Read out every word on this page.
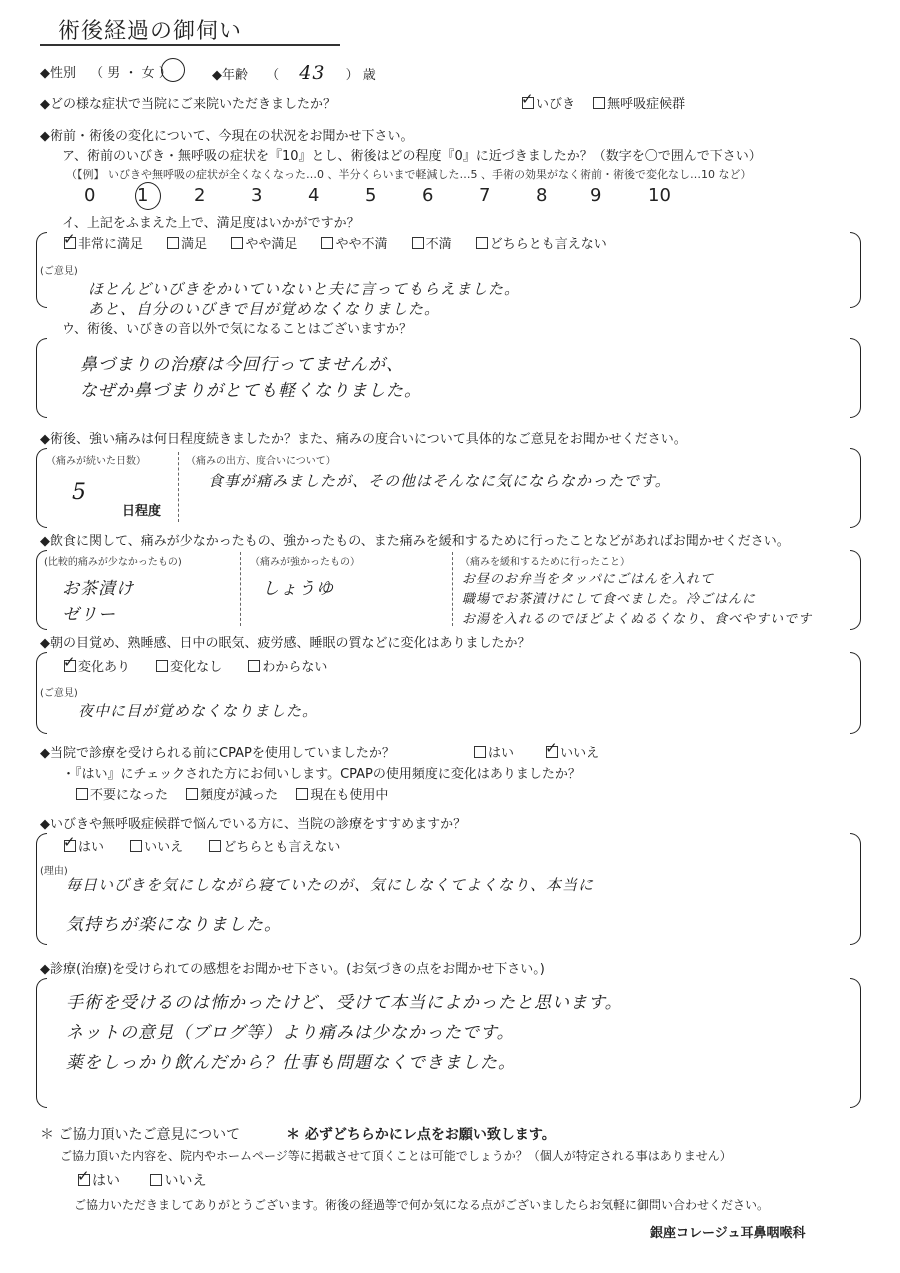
術後経過の御伺い
◆性別 （ 男 ・ 女 ）	◆年齢 （ 43 ） 歳
◆どの様な症状で当院にご来院いただきましたか？ ✓	いびき 無呼吸症候群
◆術前・術後の変化について、今現在の状況をお聞かせ下さい。
ア、術前のいびき・無呼吸の症状を『10』とし、術後はどの程度『0』に近づきましたか？（数字を〇で囲んで下さい）
（【例】 いびきや無呼吸の症状が全くなくなった…0 、半分くらいまで軽減した…5 、手術の効果がなく術前・術後で変化なし…10 など）
0 1	2	3	4	5	6	7	8 9	10
イ、上記をふまえた上で、満足度はいかがですか？
✓非常に満足	満足	やや満足	やや不満	不満	どちらとも言えない
(ご意見)
ほとんどいびきをかいていないと夫に言ってもらえました。
あと、自分のいびきで目が覚めなくなりました。
ウ、術後、いびきの音以外で気になることはございますか？
鼻づまりの治療は今回行ってませんが、
なぜか鼻づまりがとても軽くなりました。
◆術後、強い痛みは何日程度続きましたか？また、痛みの度合いについて具体的なご意見をお聞かせください。
（痛みが続いた日数）
5
日程度
（痛みの出方、度合いについて）
食事が痛みましたが、その他はそんなに気にならなかったです。
◆飲食に関して、痛みが少なかったもの、強かったもの、また痛みを緩和するために行ったことなどがあればお聞かせください。
(比較的痛みが少なかったもの)
お茶漬け
ゼリー
（痛みが強かったもの）
しょうゆ
（痛みを緩和するために行ったこと）
お昼のお弁当をタッパにごはんを入れて
職場でお茶漬けにして食べました。冷ごはんに
お湯を入れるのでほどよくぬるくなり、食べやすいです
◆朝の目覚め、熟睡感、日中の眠気、疲労感、睡眠の質などに変化はありましたか？
✓変化あり	変化なし	わからない
(ご意見)
夜中に目が覚めなくなりました。
◆当院で診療を受けられる前にCPAPを使用していましたか？	はい ✓	いいえ
・『はい』にチェックされた方にお伺いします。CPAPの使用頻度に変化はありましたか？
不要になった 頻度が減った 現在も使用中
◆いびきや無呼吸症候群で悩んでいる方に、当院の診療をすすめますか？
✓はい	いいえ	どちらとも言えない
(理由)
毎日いびきを気にしながら寝ていたのが、気にしなくてよくなり、本当に
気持ちが楽になりました。
◆診療(治療)を受けられての感想をお聞かせ下さい。(お気づきの点をお聞かせ下さい。)
手術を受けるのは怖かったけど、受けて本当によかったと思います。
ネットの意見（ブログ等）より痛みは少なかったです。
薬をしっかり飲んだから？仕事も問題なくできました。
＊ ご協力頂いたご意見について	＊ 必ずどちらかにレ点をお願い致します。
ご協力頂いた内容を、院内やホームページ等に掲載させて頂くことは可能でしょうか？（個人が特定される事はありません）
✓はい	いいえ
ご協力いただきましてありがとうございます。術後の経過等で何か気になる点がございましたらお気軽に御問い合わせください。
銀座コレージュ耳鼻咽喉科
